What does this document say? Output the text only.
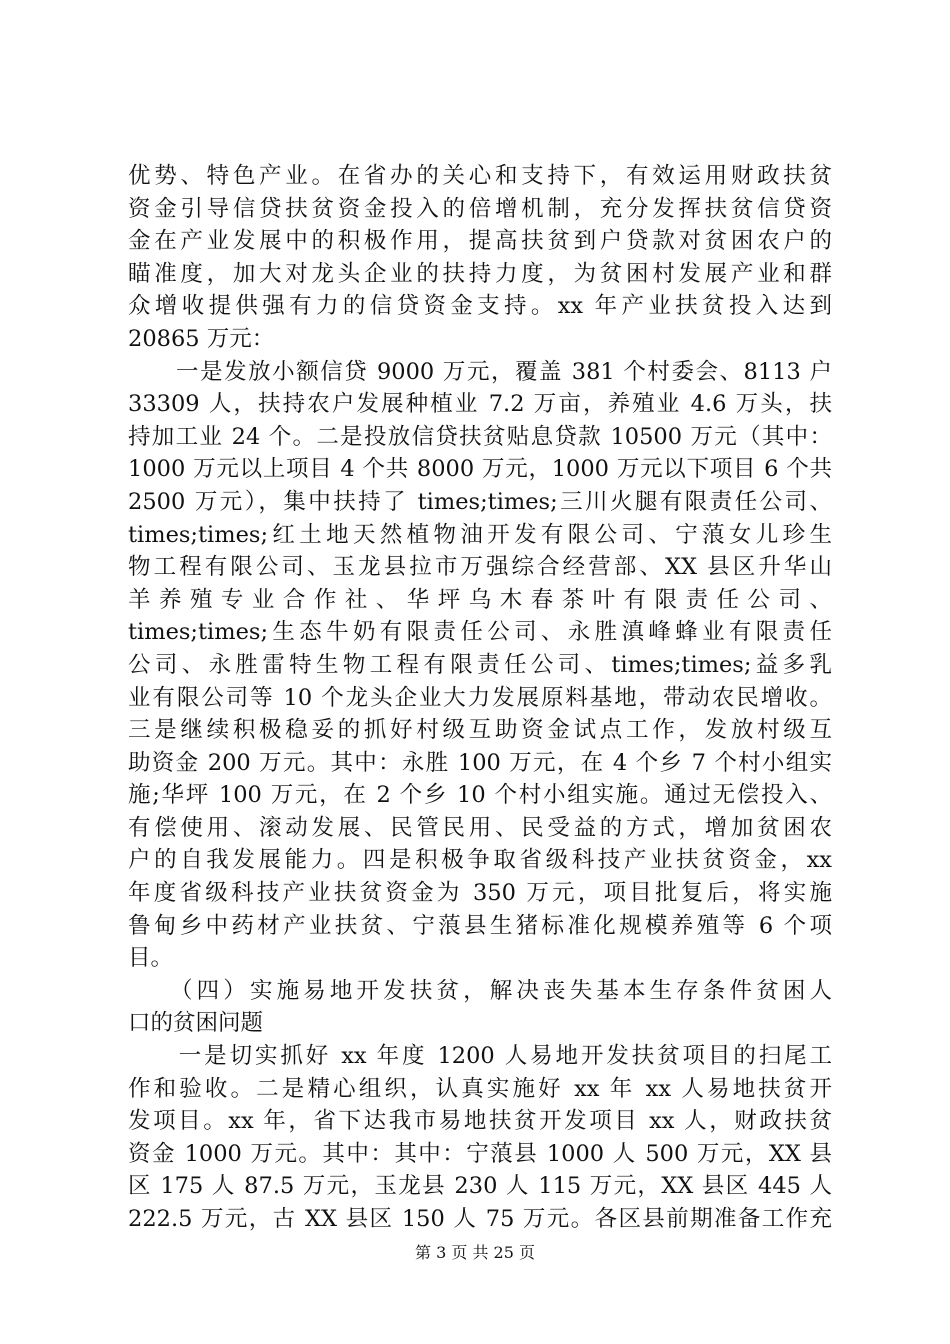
优势、特色产业。在省办的关心和支持下，有效运用财政扶贫
资金引导信贷扶贫资金投入的倍增机制，充分发挥扶贫信贷资
金在产业发展中的积极作用，提高扶贫到户贷款对贫困农户的
瞄准度，加大对龙头企业的扶持力度，为贫困村发展产业和群
众增收提供强有力的信贷资金支持。xx 年产业扶贫投入达到
20865 万元：
　　一是发放小额信贷 9000 万元，覆盖 381 个村委会、8113 户
33309 人，扶持农户发展种植业 7.2 万亩，养殖业 4.6 万头，扶
持加工业 24 个。二是投放信贷扶贫贴息贷款 10500 万元（其中：
1000 万元以上项目 4 个共 8000 万元，1000 万元以下项目 6 个共
2500 万元），集中扶持了 times;times;三川火腿有限责任公司、
times;times;红土地天然植物油开发有限公司、宁蒗女儿珍生
物工程有限公司、玉龙县拉市万强综合经营部、XX 县区升华山
羊养殖专业合作社、华坪乌木春茶叶有限责任公司、
times;times;生态牛奶有限责任公司、永胜滇峰蜂业有限责任
公司、永胜雷特生物工程有限责任公司、times;times;益多乳
业有限公司等 10 个龙头企业大力发展原料基地，带动农民增收。
三是继续积极稳妥的抓好村级互助资金试点工作，发放村级互
助资金 200 万元。其中：永胜 100 万元，在 4 个乡 7 个村小组实
施;华坪 100 万元，在 2 个乡 10 个村小组实施。通过无偿投入、
有偿使用、滚动发展、民管民用、民受益的方式，增加贫困农
户的自我发展能力。四是积极争取省级科技产业扶贫资金，xx
年度省级科技产业扶贫资金为 350 万元，项目批复后，将实施
鲁甸乡中药材产业扶贫、宁蒗县生猪标准化规模养殖等 6 个项
目。
　　（四）实施易地开发扶贫，解决丧失基本生存条件贫困人
口的贫困问题
　　一是切实抓好 xx 年度 1200 人易地开发扶贫项目的扫尾工
作和验收。二是精心组织，认真实施好 xx 年 xx 人易地扶贫开
发项目。xx 年，省下达我市易地扶贫开发项目 xx 人，财政扶贫
资金 1000 万元。其中：其中：宁蒗县 1000 人 500 万元，XX 县
区 175 人 87.5 万元，玉龙县 230 人 115 万元，XX 县区 445 人
222.5 万元，古 XX 县区 150 人 75 万元。各区县前期准备工作充
第 3 页 共 25 页
